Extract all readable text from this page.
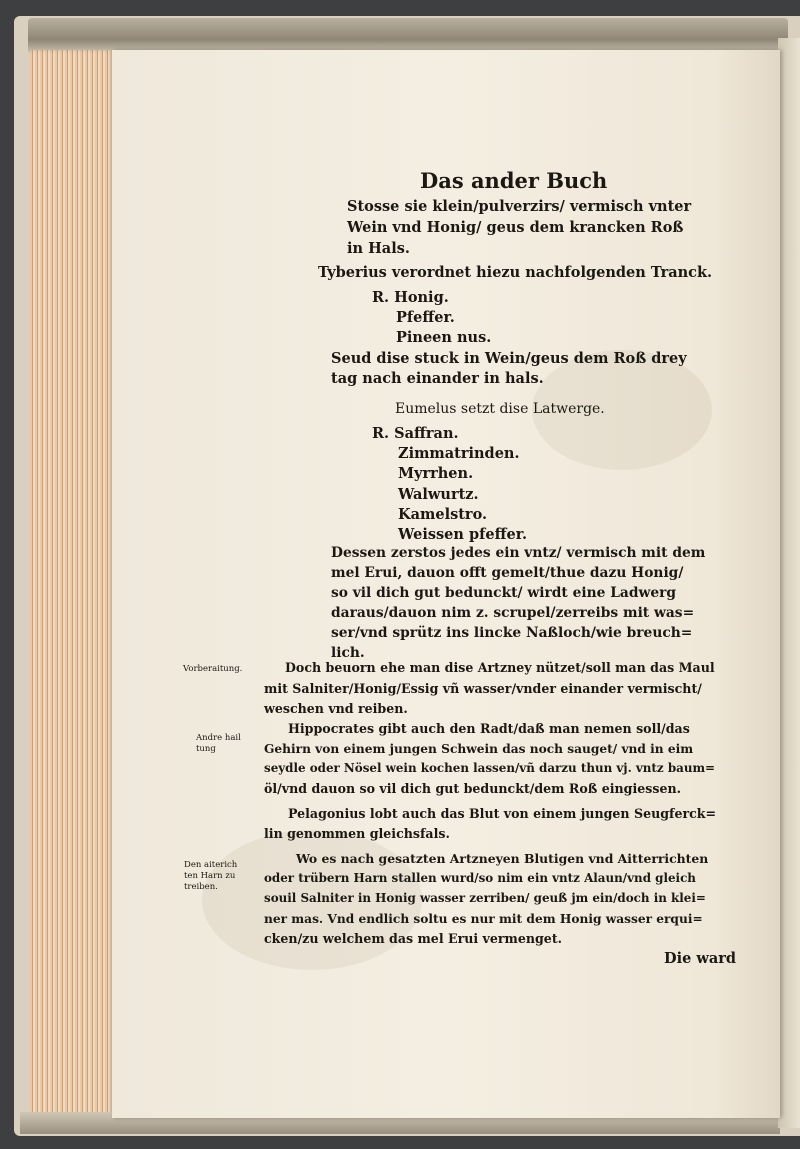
Das ander Buch

Stosse sie klein/pulverzirs/ vermisch vnter

Wein vnd Honig/ geus dem krancken Roß

in Hals.

Tyberius verordnet hiezu nachfolgenden Tranck.

R. Honig.

Pfeffer.

Pineen nus.

Seud dise stuck in Wein/geus dem Roß drey

tag nach einander in hals.

Eumelus setzt dise Latwerge.

R. Saffran.

Zimmatrinden.

Myrrhen.

Walwurtz.

Kamelstro.

Weissen pfeffer.

Dessen zerstos jedes ein vntz/ vermisch mit dem

mel Erui, dauon offt gemelt/thue dazu Honig/

so vil dich gut bedunckt/ wirdt eine Ladwerg

daraus/dauon nim z. scrupel/zerreibs mit was=

ser/vnd sprütz ins lincke Naßloch/wie breuch=

lich.

Vorberaitung.	Doch beuorn ehe man dise Artzney nützet/soll man das Maul

mit Salniter/Honig/Essig vñ wasser/vnder einander vermischt/

weschen vnd reiben.

Andre hail

tung

Hippocrates gibt auch den Radt/daß man nemen soll/das

Gehirn von einem jungen Schwein das noch sauget/ vnd in eim

seydle oder Nösel wein kochen lassen/vñ darzu thun vj. vntz baum=

öl/vnd dauon so vil dich gut bedunckt/dem Roß eingiessen.

Pelagonius lobt auch das Blut von einem jungen Seugferck=

lin genommen gleichsfals.

Den aiterich

ten Harn zu

treiben.

Wo es nach gesatzten Artzneyen Blutigen vnd Aitterrichten

oder trübern Harn stallen wurd/so nim ein vntz Alaun/vnd gleich

souil Salniter in Honig wasser zerriben/ geuß jm ein/doch in klei=

ner mas. Vnd endlich soltu es nur mit dem Honig wasser erqui=

cken/zu welchem das mel Erui vermenget.

Die ward
